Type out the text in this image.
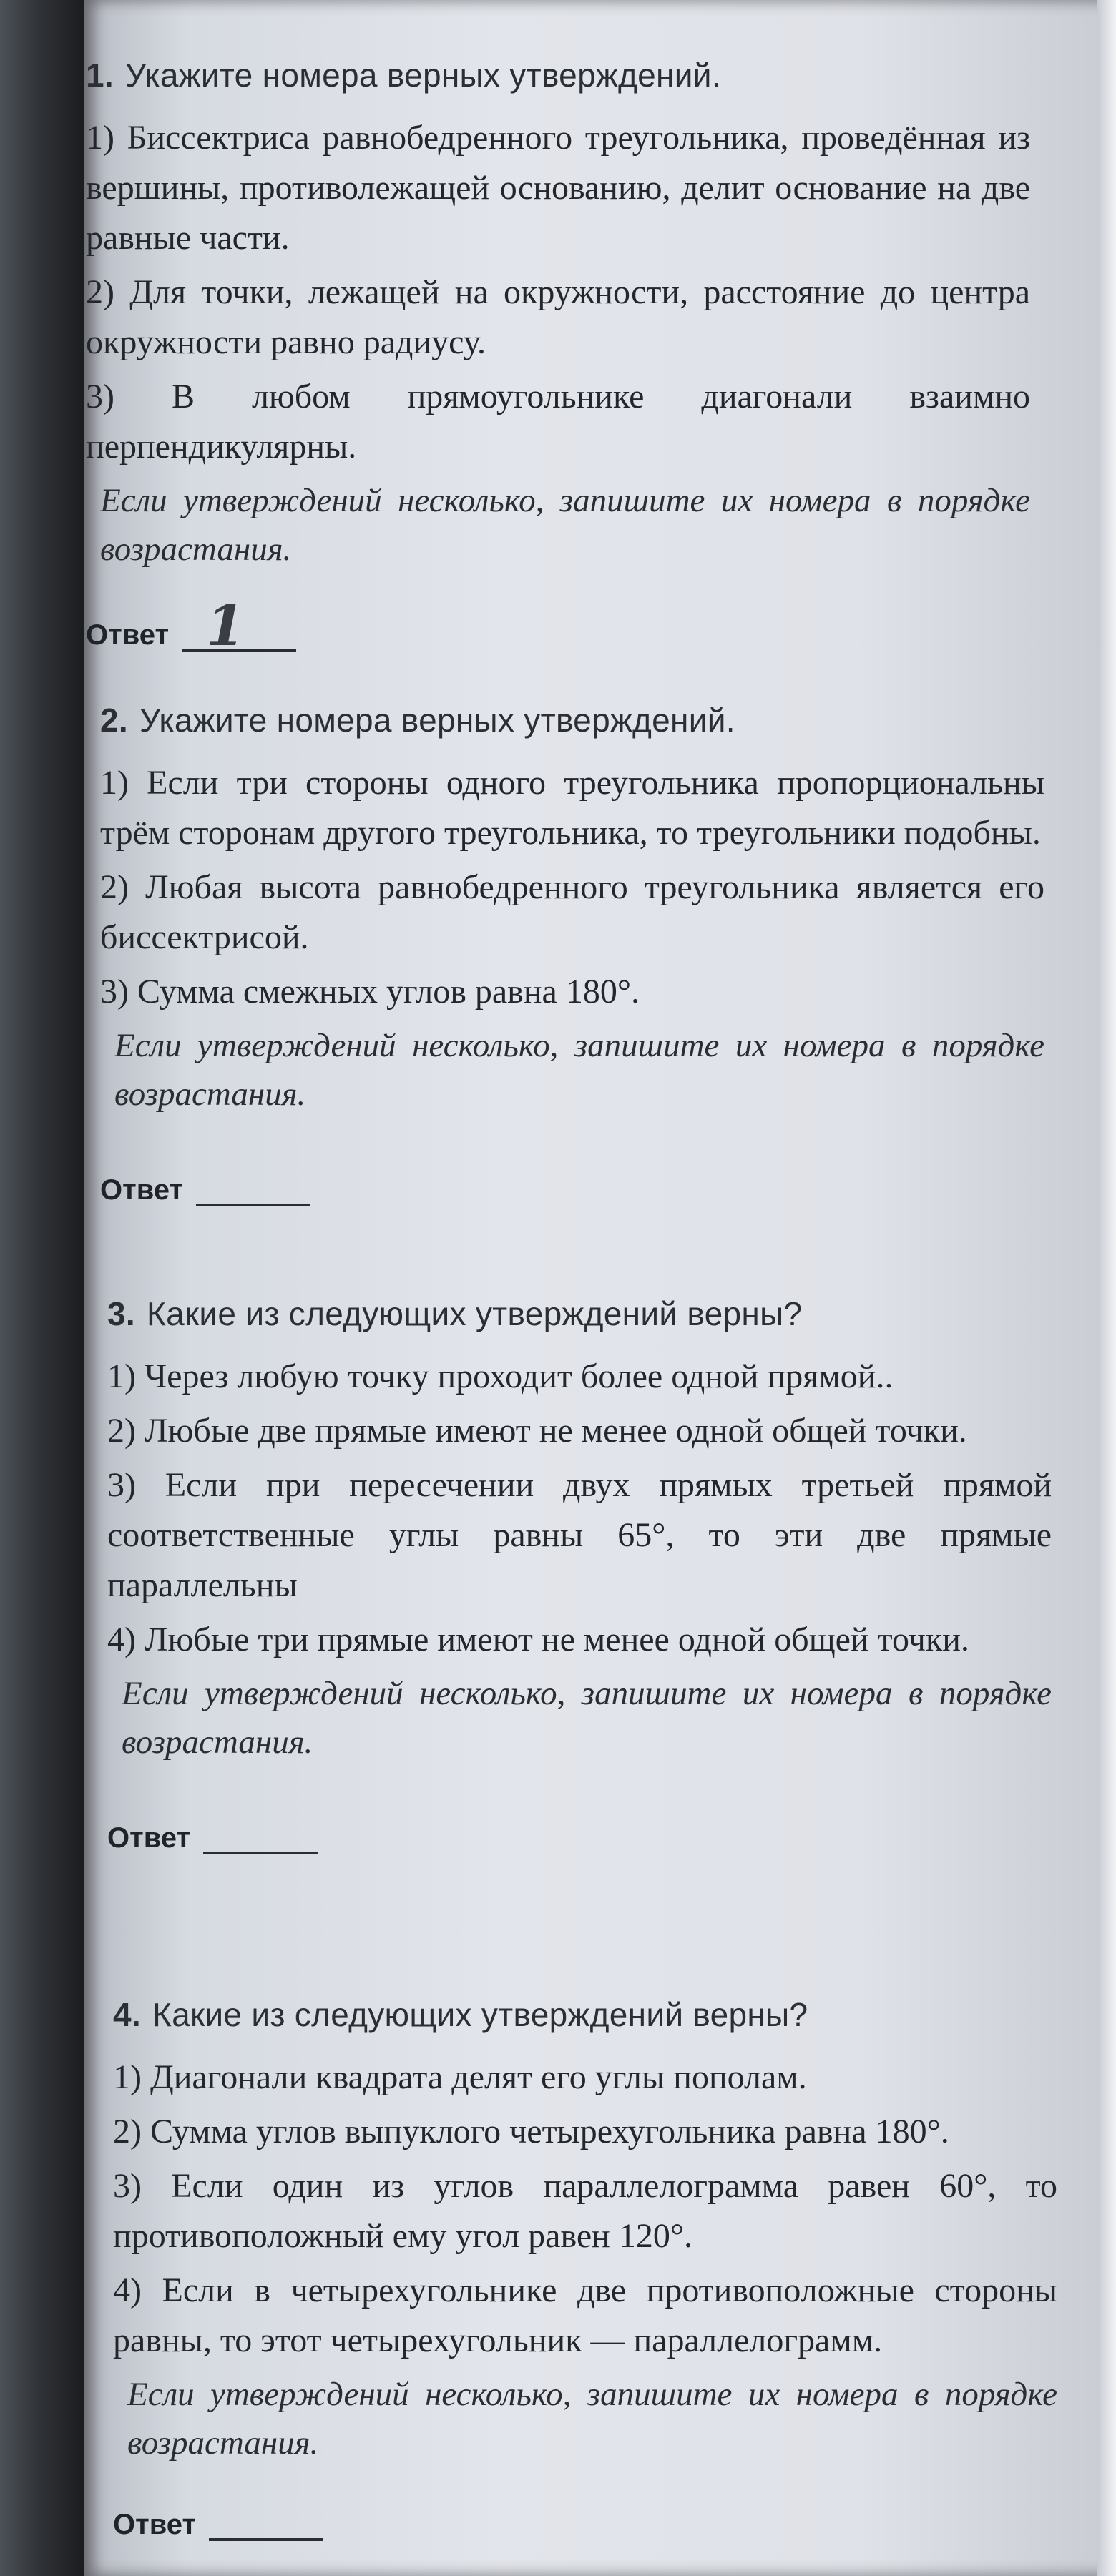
1. Укажите номера верных утверждений.

1) Биссектриса равнобедренного треугольника, проведённая из вершины, противолежащей основанию, делит основание на две равные части.

2) Для точки, лежащей на окружности, расстояние до центра окружности равно радиусу.

3) В любом прямоугольнике диагонали взаимно перпендикулярны.

Если утверждений несколько, запишите их номера в порядке возрастания.

Ответ 1
2. Укажите номера верных утверждений.

1) Если три стороны одного треугольника пропорциональны трём сторонам другого треугольника, то треугольники подобны.

2) Любая высота равнобедренного треугольника является его биссектрисой.

3) Сумма смежных углов равна 180°.

Если утверждений несколько, запишите их номера в порядке возрастания.

Ответ
3. Какие из следующих утверждений верны?

1) Через любую точку проходит более одной прямой..

2) Любые две прямые имеют не менее одной общей точки.

3) Если при пересечении двух прямых третьей прямой соответственные углы равны 65°, то эти две прямые параллельны

4) Любые три прямые имеют не менее одной общей точки.

Если утверждений несколько, запишите их номера в порядке возрастания.

Ответ
4. Какие из следующих утверждений верны?

1) Диагонали квадрата делят его углы пополам.

2) Сумма углов выпуклого четырехугольника равна 180°.

3) Если один из углов параллелограмма равен 60°, то противоположный ему угол равен 120°.

4) Если в четырехугольнике две противоположные стороны равны, то этот четырехугольник — параллелограмм.

Если утверждений несколько, запишите их номера в порядке возрастания.

Ответ
